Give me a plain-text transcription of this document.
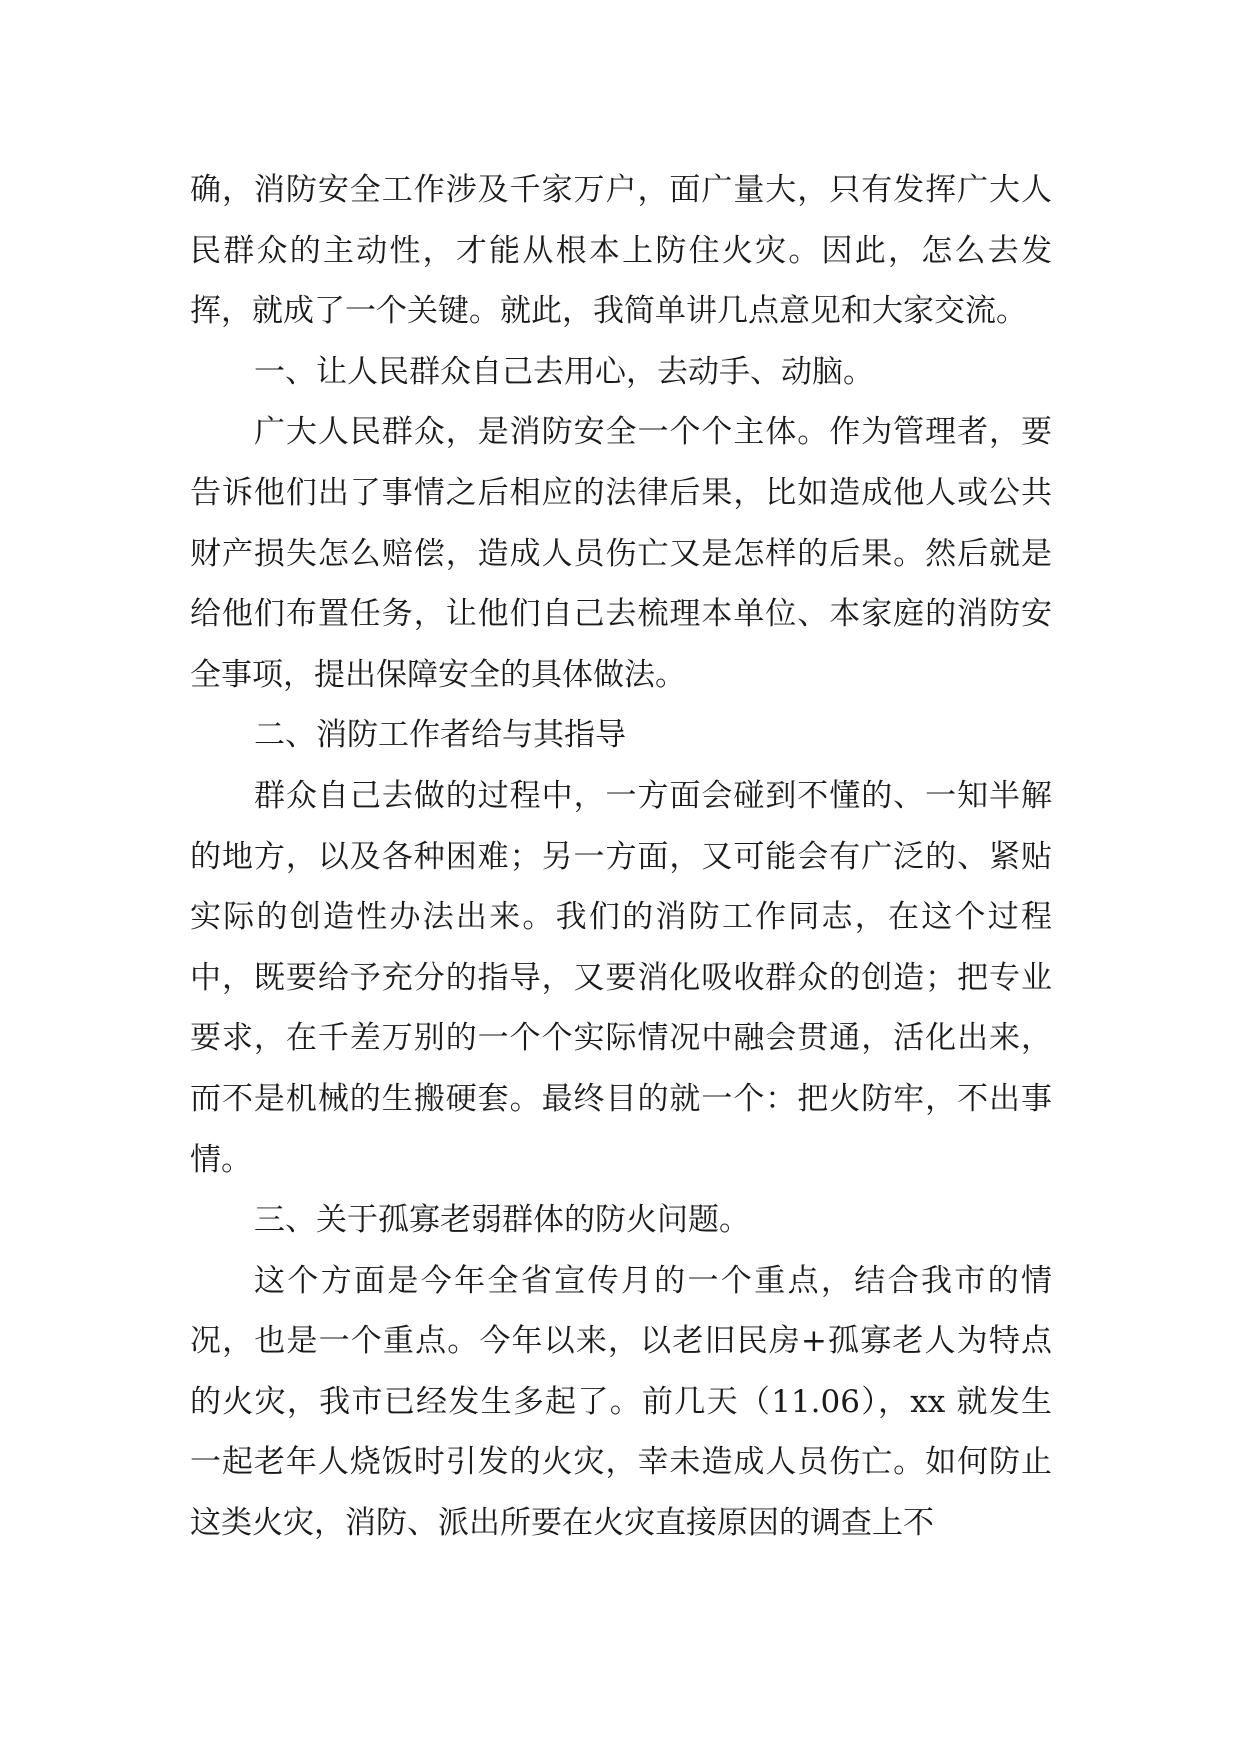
确，消防安全工作涉及千家万户，面广量大，只有发挥广大人民群众的主动性，才能从根本上防住火灾。因此，怎么去发挥，就成了一个关键。就此，我简单讲几点意见和大家交流。

一、让人民群众自己去用心，去动手、动脑。

广大人民群众，是消防安全一个个主体。作为管理者，要告诉他们出了事情之后相应的法律后果，比如造成他人或公共财产损失怎么赔偿，造成人员伤亡又是怎样的后果。然后就是给他们布置任务，让他们自己去梳理本单位、本家庭的消防安全事项，提出保障安全的具体做法。

二、消防工作者给与其指导

群众自己去做的过程中，一方面会碰到不懂的、一知半解的地方，以及各种困难；另一方面，又可能会有广泛的、紧贴实际的创造性办法出来。我们的消防工作同志，在这个过程中，既要给予充分的指导，又要消化吸收群众的创造；把专业要求，在千差万别的一个个实际情况中融会贯通，活化出来，而不是机械的生搬硬套。最终目的就一个：把火防牢，不出事情。

三、关于孤寡老弱群体的防火问题。

这个方面是今年全省宣传月的一个重点，结合我市的情况，也是一个重点。今年以来，以老旧民房+孤寡老人为特点的火灾，我市已经发生多起了。前几天（11.06），xx 就发生一起老年人烧饭时引发的火灾，幸未造成人员伤亡。如何防止这类火灾，消防、派出所要在火灾直接原因的调查上不
